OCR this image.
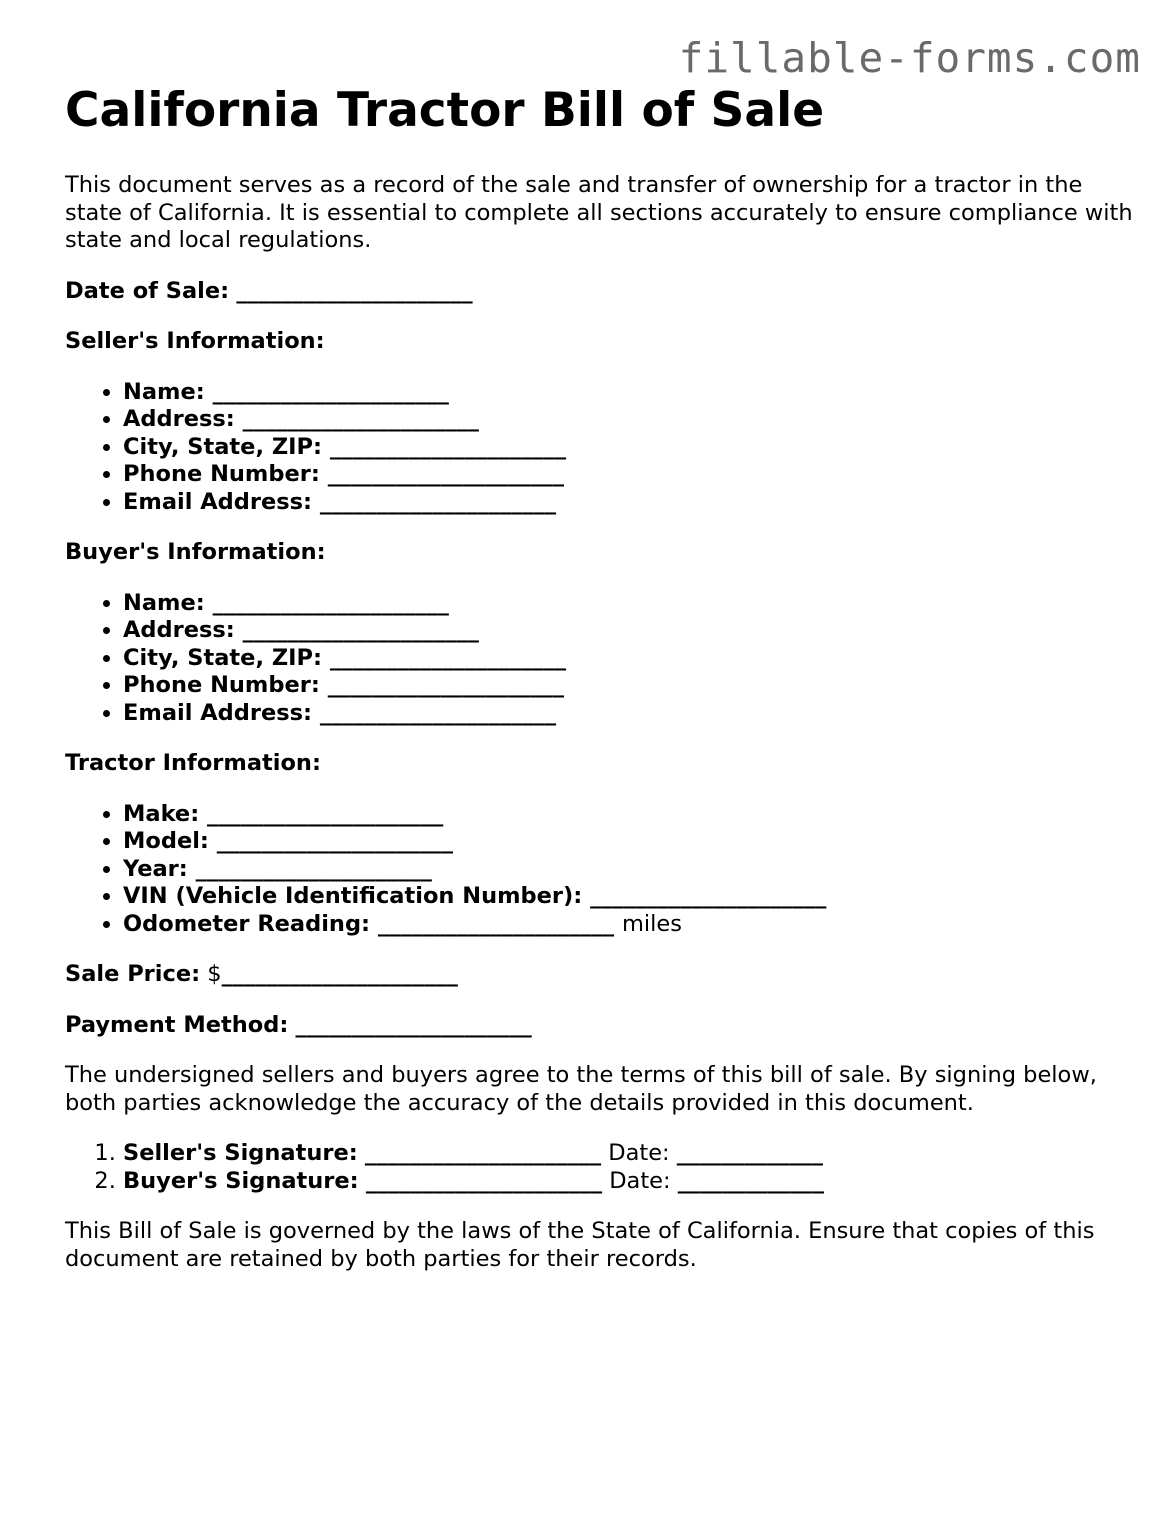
fillable-forms.com
California Tractor Bill of Sale

This document serves as a record of the sale and transfer of ownership for a tractor in the state of California. It is essential to complete all sections accurately to ensure compliance with state and local regulations.

Date of Sale: _____________________

Seller's Information:

• Name: _____________________
• Address: _____________________
• City, State, ZIP: _____________________
• Phone Number: _____________________
• Email Address: _____________________

Buyer's Information:

• Name: _____________________
• Address: _____________________
• City, State, ZIP: _____________________
• Phone Number: _____________________
• Email Address: _____________________

Tractor Information:

• Make: _____________________
• Model: _____________________
• Year: _____________________
• VIN (Vehicle Identification Number): _____________________
• Odometer Reading: _____________________ miles

Sale Price: $_____________________

Payment Method: _____________________

The undersigned sellers and buyers agree to the terms of this bill of sale. By signing below, both parties acknowledge the accuracy of the details provided in this document.

1. Seller's Signature: _____________________ Date: _____________
2. Buyer's Signature: _____________________ Date: _____________

This Bill of Sale is governed by the laws of the State of California. Ensure that copies of this document are retained by both parties for their records.
